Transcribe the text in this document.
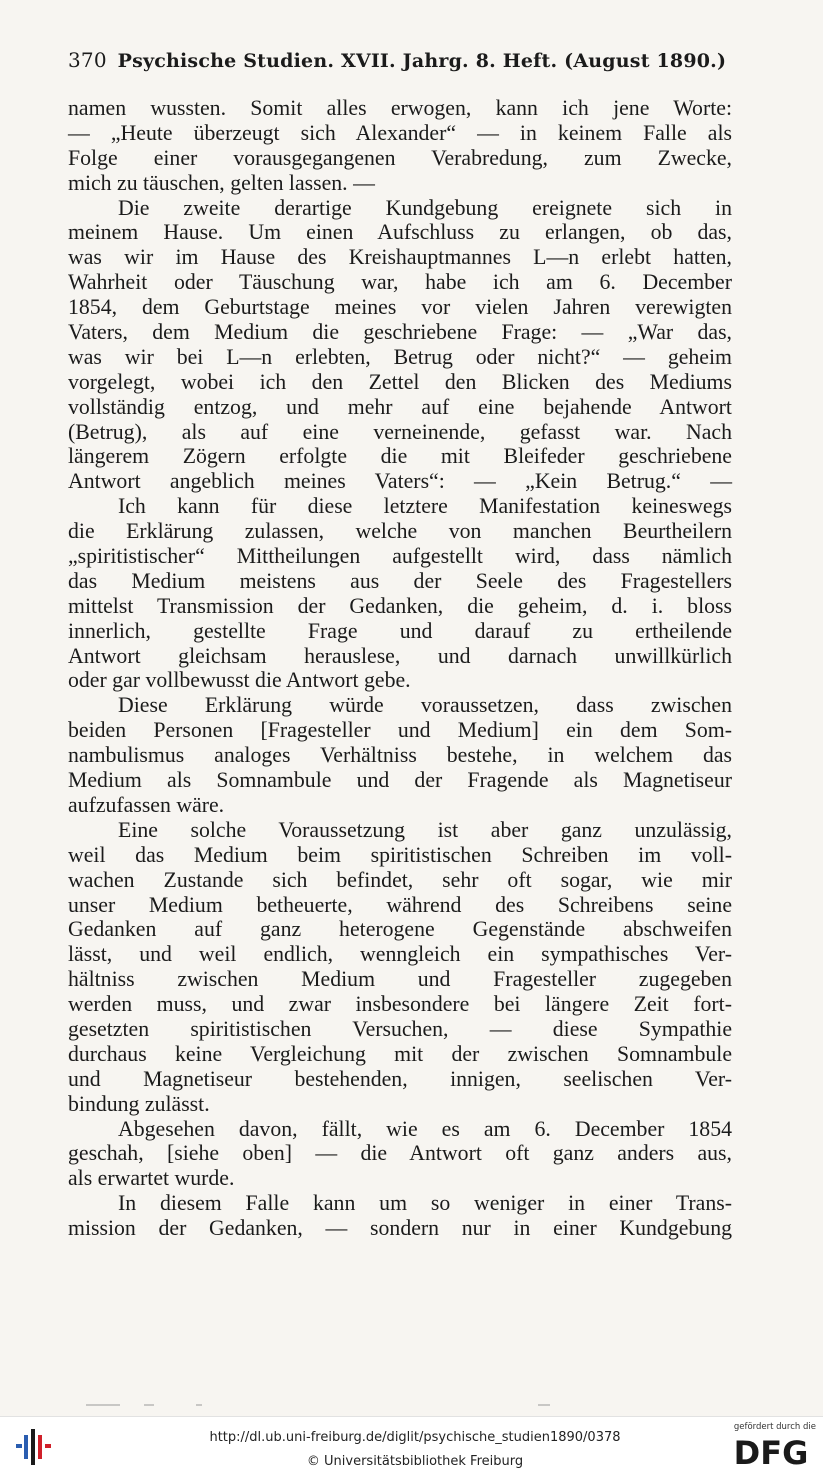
370 Psychische Studien. XVII. Jahrg. 8. Heft. (August 1890.)
namen wussten. Somit alles erwogen, kann ich jene Worte:
— „Heute überzeugt sich Alexander“ — in keinem Falle als
Folge einer vorausgegangenen Verabredung, zum Zwecke,
mich zu täuschen, gelten lassen. —
Die zweite derartige Kundgebung ereignete sich in
meinem Hause. Um einen Aufschluss zu erlangen, ob das,
was wir im Hause des Kreishauptmannes L—n erlebt hatten,
Wahrheit oder Täuschung war, habe ich am 6. December
1854, dem Geburtstage meines vor vielen Jahren verewigten
Vaters, dem Medium die geschriebene Frage: — „War das,
was wir bei L—n erlebten, Betrug oder nicht?“ — geheim
vorgelegt, wobei ich den Zettel den Blicken des Mediums
vollständig entzog, und mehr auf eine bejahende Antwort
(Betrug), als auf eine verneinende, gefasst war. Nach
längerem Zögern erfolgte die mit Bleifeder geschriebene
Antwort angeblich meines Vaters“: — „Kein Betrug.“ —
Ich kann für diese letztere Manifestation keineswegs
die Erklärung zulassen, welche von manchen Beurtheilern
„spiritistischer“ Mittheilungen aufgestellt wird, dass nämlich
das Medium meistens aus der Seele des Fragestellers
mittelst Transmission der Gedanken, die geheim, d. i. bloss
innerlich, gestellte Frage und darauf zu ertheilende
Antwort gleichsam herauslese, und darnach unwillkürlich
oder gar vollbewusst die Antwort gebe.
Diese Erklärung würde voraussetzen, dass zwischen
beiden Personen [Fragesteller und Medium] ein dem Som-
nambulismus analoges Verhältniss bestehe, in welchem das
Medium als Somnambule und der Fragende als Magnetiseur
aufzufassen wäre.
Eine solche Voraussetzung ist aber ganz unzulässig,
weil das Medium beim spiritistischen Schreiben im voll-
wachen Zustande sich befindet, sehr oft sogar, wie mir
unser Medium betheuerte, während des Schreibens seine
Gedanken auf ganz heterogene Gegenstände abschweifen
lässt, und weil endlich, wenngleich ein sympathisches Ver-
hältniss zwischen Medium und Fragesteller zugegeben
werden muss, und zwar insbesondere bei längere Zeit fort-
gesetzten spiritistischen Versuchen, — diese Sympathie
durchaus keine Vergleichung mit der zwischen Somnambule
und Magnetiseur bestehenden, innigen, seelischen Ver-
bindung zulässt.
Abgesehen davon, fällt, wie es am 6. December 1854
geschah, [siehe oben] — die Antwort oft ganz anders aus,
als erwartet wurde.
In diesem Falle kann um so weniger in einer Trans-
mission der Gedanken, — sondern nur in einer Kundgebung
http://dl.ub.uni-freiburg.de/diglit/psychische_studien1890/0378
© Universitätsbibliothek Freiburg
gefördert durch die
DFG
